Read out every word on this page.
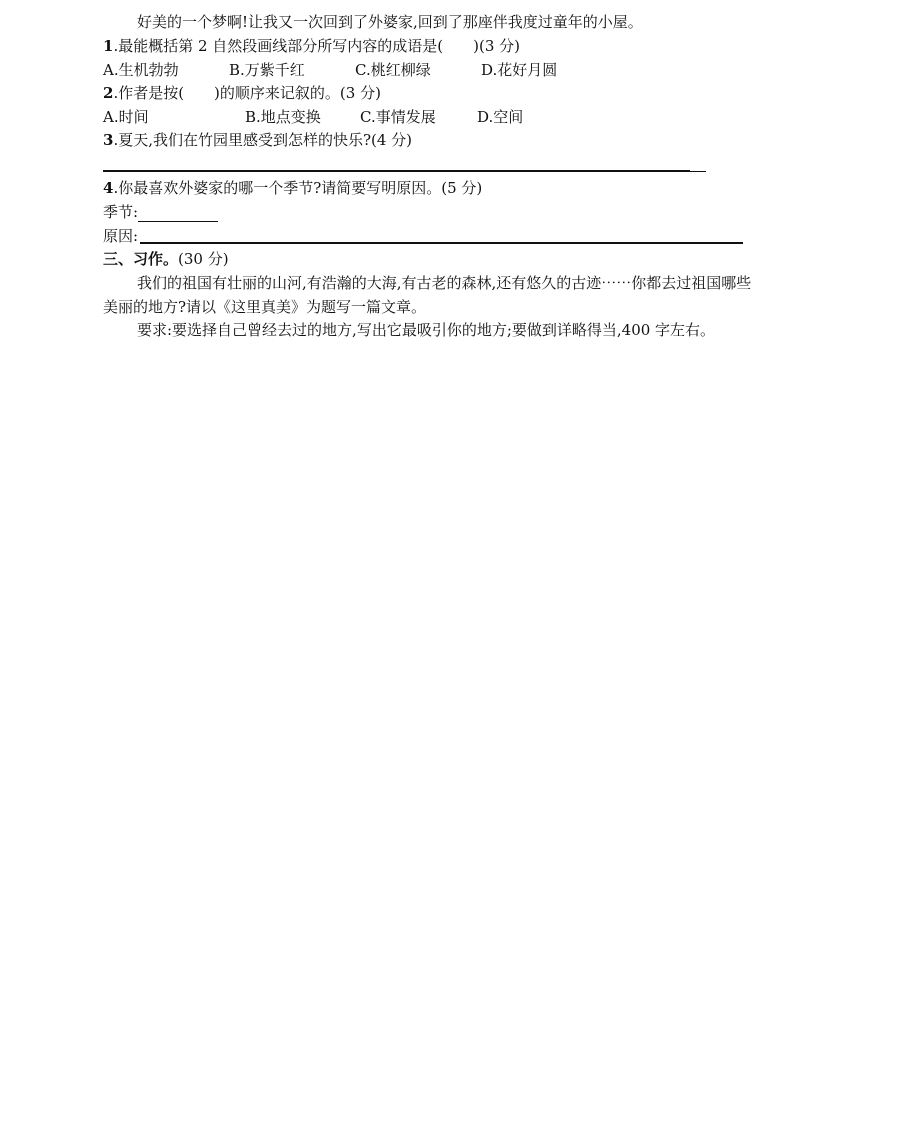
好美的一个梦啊!让我又一次回到了外婆家,回到了那座伴我度过童年的小屋。
1.最能概括第 2 自然段画线部分所写内容的成语是(　　)(3 分)
A.生机勃勃	B.万紫千红	C.桃红柳绿	D.花好月圆
2.作者是按(　　)的顺序来记叙的。(3 分)
A.时间	B.地点变换	C.事情发展	D.空间
3.夏天,我们在竹园里感受到怎样的快乐?(4 分)
4.你最喜欢外婆家的哪一个季节?请简要写明原因。(5 分)
季节:
原因:
三、习作。(30 分)
我们的祖国有壮丽的山河,有浩瀚的大海,有古老的森林,还有悠久的古迹⋯⋯你都去过祖国哪些
美丽的地方?请以《这里真美》为题写一篇文章。
要求:要选择自己曾经去过的地方,写出它最吸引你的地方;要做到详略得当,400 字左右。
